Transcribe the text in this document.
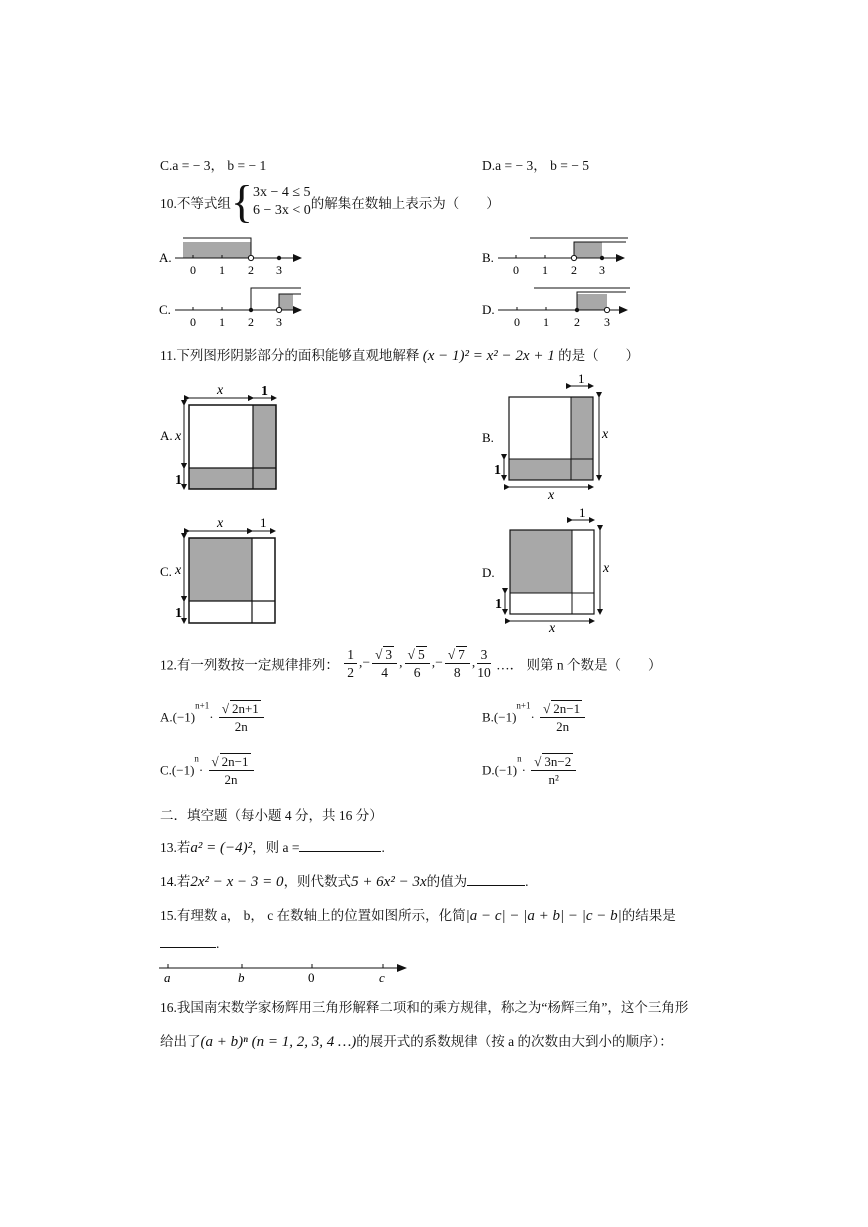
C.a = − 3， b = − 1	D.a = − 3， b = − 5
10.不等式组{ 3x − 4 ≤ 5
6 − 3x < 0 的解集在数轴上表示为（　　）
A.
0 1 2 3
B.
0 1 2 3
C.
0 1 2 3
D.
0 1 2 3
11.下列图形阴影部分的面积能够直观地解释 (x − 1)² = x² − 2x + 1 的是（　　）
A.
x	1
x
1
B.
1
x
1
x
C.
x	1
x
1
D.
1
x
1
x
12.有一列数按一定规律排列： $\frac{1}{2}$ ,− $\frac{√ 3}{4}$ , $\frac{√ 5}{6}$ ,− $\frac{√ 7}{8}$ , $\frac{3}{10}$ …． 则第 n 个数是（　　）
$A.(-1)^{n+1}\cdot \frac{√ 2n+1}{2n}$	$B.(-1)^{n+1}\cdot \frac{√ 2n-1}{2n}$
$C.(-1)^n\cdot \frac{√ 2n-1}{2n}$	$D.(-1)^n\cdot \frac{√ 3n-2}{\text{n²}}$
二．填空题（每小题 4 分，共 16 分）
13.若a² = (−4)²，则 a =	.
14.若2x² − x − 3 = 0，则代数式5 + 6x² − 3x的值为	.
15.有理数 a， b， c 在数轴上的位置如图所示，化简|a − c| − |a + b| − |c − b|的结果是
.
a	b	0	c
16.我国南宋数学家杨辉用三角形解释二项和的乘方规律，称之为“杨辉三角”，这个三角形
给出了(a + b)ⁿ (n = 1, 2, 3, 4 …)的展开式的系数规律（按 a 的次数由大到小的顺序）：
